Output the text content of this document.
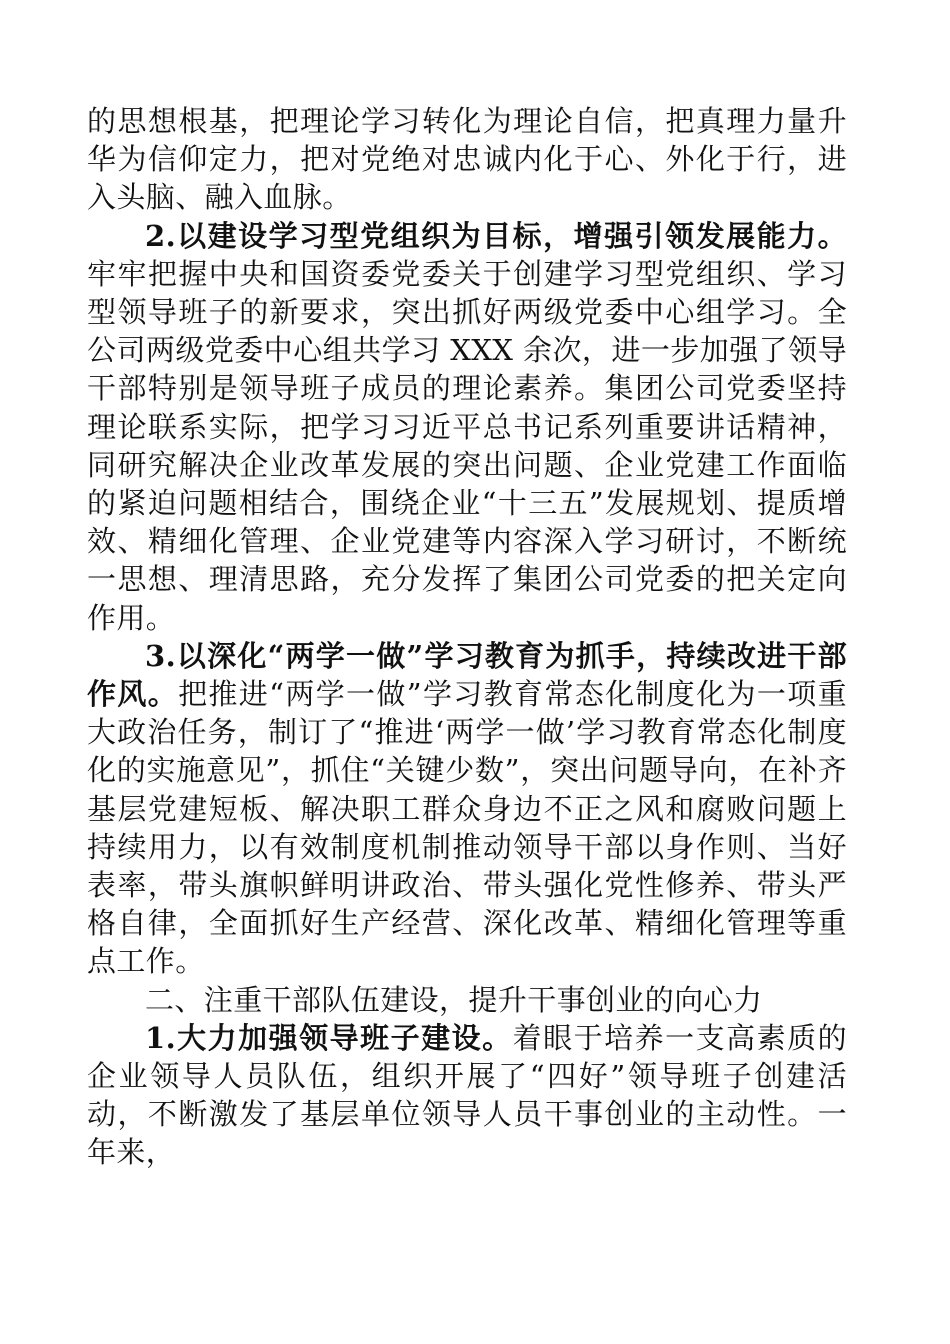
的思想根基，把理论学习转化为理论自信，把真理力量升华为信仰定力，把对党绝对忠诚内化于心、外化于行，进入头脑、融入血脉。

2.以建设学习型党组织为目标，增强引领发展能力。牢牢把握中央和国资委党委关于创建学习型党组织、学习型领导班子的新要求，突出抓好两级党委中心组学习。全公司两级党委中心组共学习 XXX 余次，进一步加强了领导干部特别是领导班子成员的理论素养。集团公司党委坚持理论联系实际，把学习习近平总书记系列重要讲话精神，同研究解决企业改革发展的突出问题、企业党建工作面临的紧迫问题相结合，围绕企业“十三五”发展规划、提质增效、精细化管理、企业党建等内容深入学习研讨，不断统一思想、理清思路，充分发挥了集团公司党委的把关定向作用。

3.以深化“两学一做”学习教育为抓手，持续改进干部作风。把推进“两学一做”学习教育常态化制度化为一项重大政治任务，制订了“推进‘两学一做’学习教育常态化制度化的实施意见”，抓住“关键少数”，突出问题导向，在补齐基层党建短板、解决职工群众身边不正之风和腐败问题上持续用力，以有效制度机制推动领导干部以身作则、当好表率，带头旗帜鲜明讲政治、带头强化党性修养、带头严格自律，全面抓好生产经营、深化改革、精细化管理等重点工作。

二、注重干部队伍建设，提升干事创业的向心力

1.大力加强领导班子建设。着眼于培养一支高素质的企业领导人员队伍，组织开展了“四好”领导班子创建活动，不断激发了基层单位领导人员干事创业的主动性。一年来，
